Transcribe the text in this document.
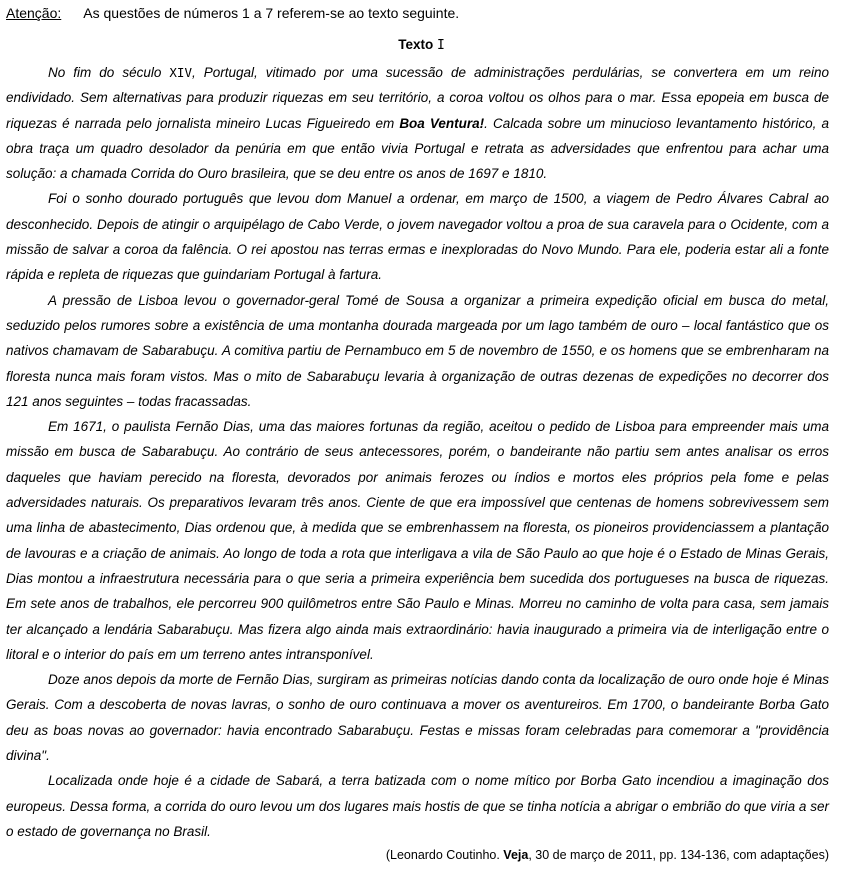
Atenção: As questões de números 1 a 7 referem-se ao texto seguinte.
Texto I

No fim do século XIV, Portugal, vitimado por uma sucessão de administrações perdulárias, se convertera em um reino endividado. Sem alternativas para produzir riquezas em seu território, a coroa voltou os olhos para o mar. Essa epopeia em busca de riquezas é narrada pelo jornalista mineiro Lucas Figueiredo em Boa Ventura!. Calcada sobre um minucioso levantamento histórico, a obra traça um quadro desolador da penúria em que então vivia Portugal e retrata as adversidades que enfrentou para achar uma solução: a chamada Corrida do Ouro brasileira, que se deu entre os anos de 1697 e 1810.

Foi o sonho dourado português que levou dom Manuel a ordenar, em março de 1500, a viagem de Pedro Álvares Cabral ao desconhecido. Depois de atingir o arquipélago de Cabo Verde, o jovem navegador voltou a proa de sua caravela para o Ocidente, com a missão de salvar a coroa da falência. O rei apostou nas terras ermas e inexploradas do Novo Mundo. Para ele, poderia estar ali a fonte rápida e repleta de riquezas que guindariam Portugal à fartura.

A pressão de Lisboa levou o governador-geral Tomé de Sousa a organizar a primeira expedição oficial em busca do metal, seduzido pelos rumores sobre a existência de uma montanha dourada margeada por um lago também de ouro – local fantástico que os nativos chamavam de Sabarabuçu. A comitiva partiu de Pernambuco em 5 de novembro de 1550, e os homens que se embrenharam na floresta nunca mais foram vistos. Mas o mito de Sabarabuçu levaria à organização de outras dezenas de expedições no decorrer dos 121 anos seguintes – todas fracassadas.

Em 1671, o paulista Fernão Dias, uma das maiores fortunas da região, aceitou o pedido de Lisboa para empreender mais uma missão em busca de Sabarabuçu. Ao contrário de seus antecessores, porém, o bandeirante não partiu sem antes analisar os erros daqueles que haviam perecido na floresta, devorados por animais ferozes ou índios e mortos eles próprios pela fome e pelas adversidades naturais. Os preparativos levaram três anos. Ciente de que era impossível que centenas de homens sobrevivessem sem uma linha de abastecimento, Dias ordenou que, à medida que se embrenhassem na floresta, os pioneiros providenciassem a plantação de lavouras e a criação de animais. Ao longo de toda a rota que interligava a vila de São Paulo ao que hoje é o Estado de Minas Gerais, Dias montou a infraestrutura necessária para o que seria a primeira experiência bem sucedida dos portugueses na busca de riquezas. Em sete anos de trabalhos, ele percorreu 900 quilômetros entre São Paulo e Minas. Morreu no caminho de volta para casa, sem jamais ter alcançado a lendária Sabarabuçu. Mas fizera algo ainda mais extraordinário: havia inaugurado a primeira via de interligação entre o litoral e o interior do país em um terreno antes intransponível.

Doze anos depois da morte de Fernão Dias, surgiram as primeiras notícias dando conta da localização de ouro onde hoje é Minas Gerais. Com a descoberta de novas lavras, o sonho de ouro continuava a mover os aventureiros. Em 1700, o bandeirante Borba Gato deu as boas novas ao governador: havia encontrado Sabarabuçu. Festas e missas foram celebradas para comemorar a "providência divina".

Localizada onde hoje é a cidade de Sabará, a terra batizada com o nome mítico por Borba Gato incendiou a imaginação dos europeus. Dessa forma, a corrida do ouro levou um dos lugares mais hostis de que se tinha notícia a abrigar o embrião do que viria a ser o estado de governança no Brasil.

(Leonardo Coutinho. Veja, 30 de março de 2011, pp. 134-136, com adaptações)
